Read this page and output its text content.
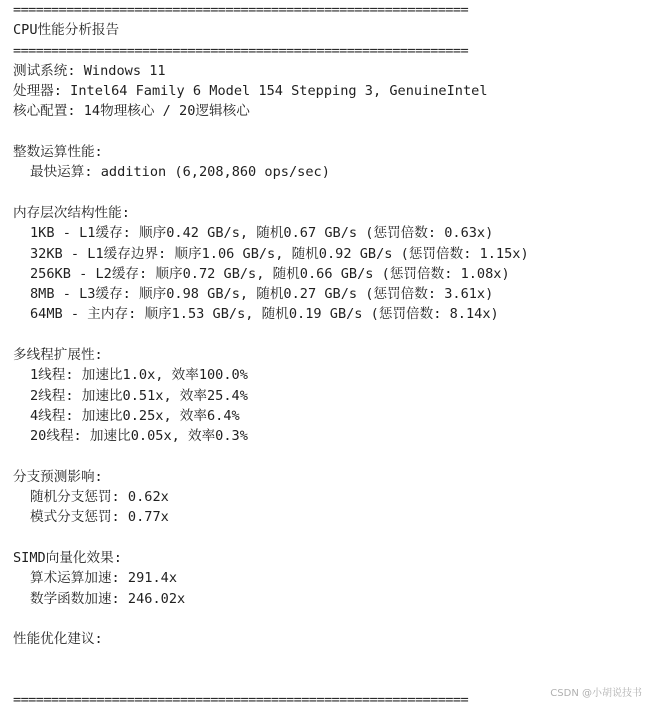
============================================================
CPU性能分析报告
============================================================
测试系统: Windows 11
处理器: Intel64 Family 6 Model 154 Stepping 3, GenuineIntel
核心配置: 14物理核心 / 20逻辑核心
整数运算性能:
最快运算: addition (6,208,860 ops/sec)
内存层次结构性能:
1KB - L1缓存: 顺序0.42 GB/s, 随机0.67 GB/s (惩罚倍数: 0.63x)
32KB - L1缓存边界: 顺序1.06 GB/s, 随机0.92 GB/s (惩罚倍数: 1.15x)
256KB - L2缓存: 顺序0.72 GB/s, 随机0.66 GB/s (惩罚倍数: 1.08x)
8MB - L3缓存: 顺序0.98 GB/s, 随机0.27 GB/s (惩罚倍数: 3.61x)
64MB - 主内存: 顺序1.53 GB/s, 随机0.19 GB/s (惩罚倍数: 8.14x)
多线程扩展性:
1线程: 加速比1.0x, 效率100.0%
2线程: 加速比0.51x, 效率25.4%
4线程: 加速比0.25x, 效率6.4%
20线程: 加速比0.05x, 效率0.3%
分支预测影响:
随机分支惩罚: 0.62x
模式分支惩罚: 0.77x
SIMD向量化效果:
算术运算加速: 291.4x
数学函数加速: 246.02x
性能优化建议:

============================================================	CSDN @小胡说技书
